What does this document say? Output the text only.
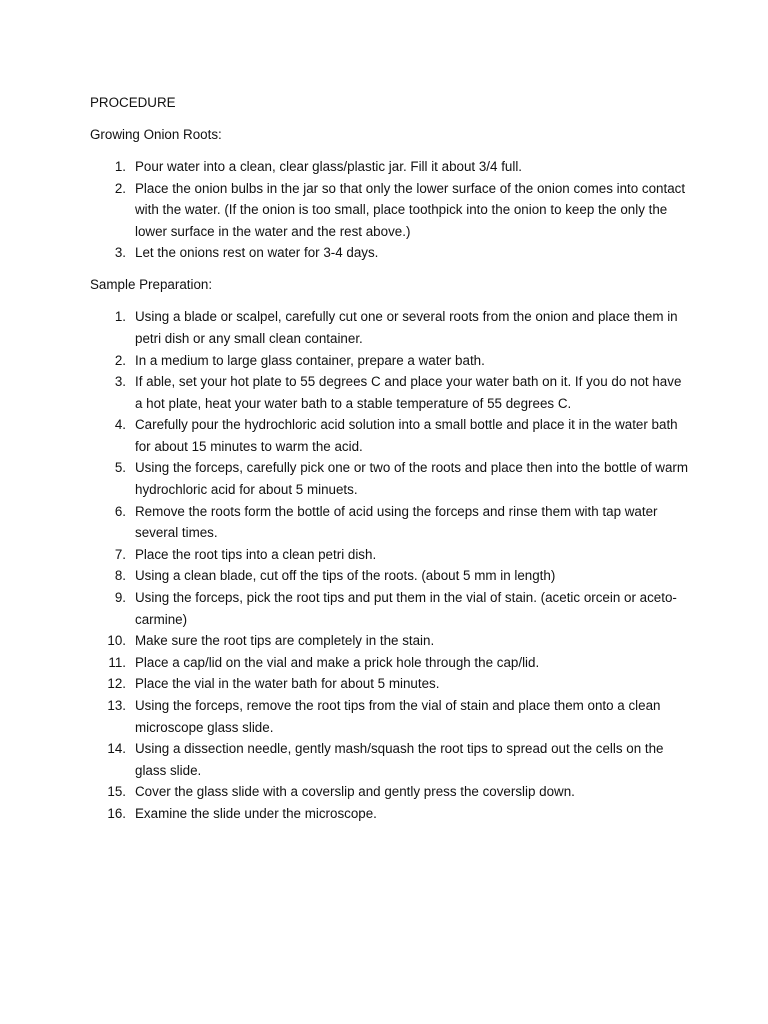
PROCEDURE
Growing Onion Roots:
1. Pour water into a clean, clear glass/plastic jar. Fill it about 3/4 full.
2. Place the onion bulbs in the jar so that only the lower surface of the onion comes into contact with the water. (If the onion is too small, place toothpick into the onion to keep the only the lower surface in the water and the rest above.)
3. Let the onions rest on water for 3-4 days.
Sample Preparation:
1. Using a blade or scalpel, carefully cut one or several roots from the onion and place them in petri dish or any small clean container.
2. In a medium to large glass container, prepare a water bath.
3. If able, set your hot plate to 55 degrees C and place your water bath on it. If you do not have a hot plate, heat your water bath to a stable temperature of 55 degrees C.
4. Carefully pour the hydrochloric acid solution into a small bottle and place it in the water bath for about 15 minutes to warm the acid.
5. Using the forceps, carefully pick one or two of the roots and place then into the bottle of warm hydrochloric acid for about 5 minuets.
6. Remove the roots form the bottle of acid using the forceps and rinse them with tap water several times.
7. Place the root tips into a clean petri dish.
8. Using a clean blade, cut off the tips of the roots. (about 5 mm in length)
9. Using the forceps, pick the root tips and put them in the vial of stain. (acetic orcein or aceto-carmine)
10. Make sure the root tips are completely in the stain.
11. Place a cap/lid on the vial and make a prick hole through the cap/lid.
12. Place the vial in the water bath for about 5 minutes.
13. Using the forceps, remove the root tips from the vial of stain and place them onto a clean microscope glass slide.
14. Using a dissection needle, gently mash/squash the root tips to spread out the cells on the glass slide.
15. Cover the glass slide with a coverslip and gently press the coverslip down.
16. Examine the slide under the microscope.
